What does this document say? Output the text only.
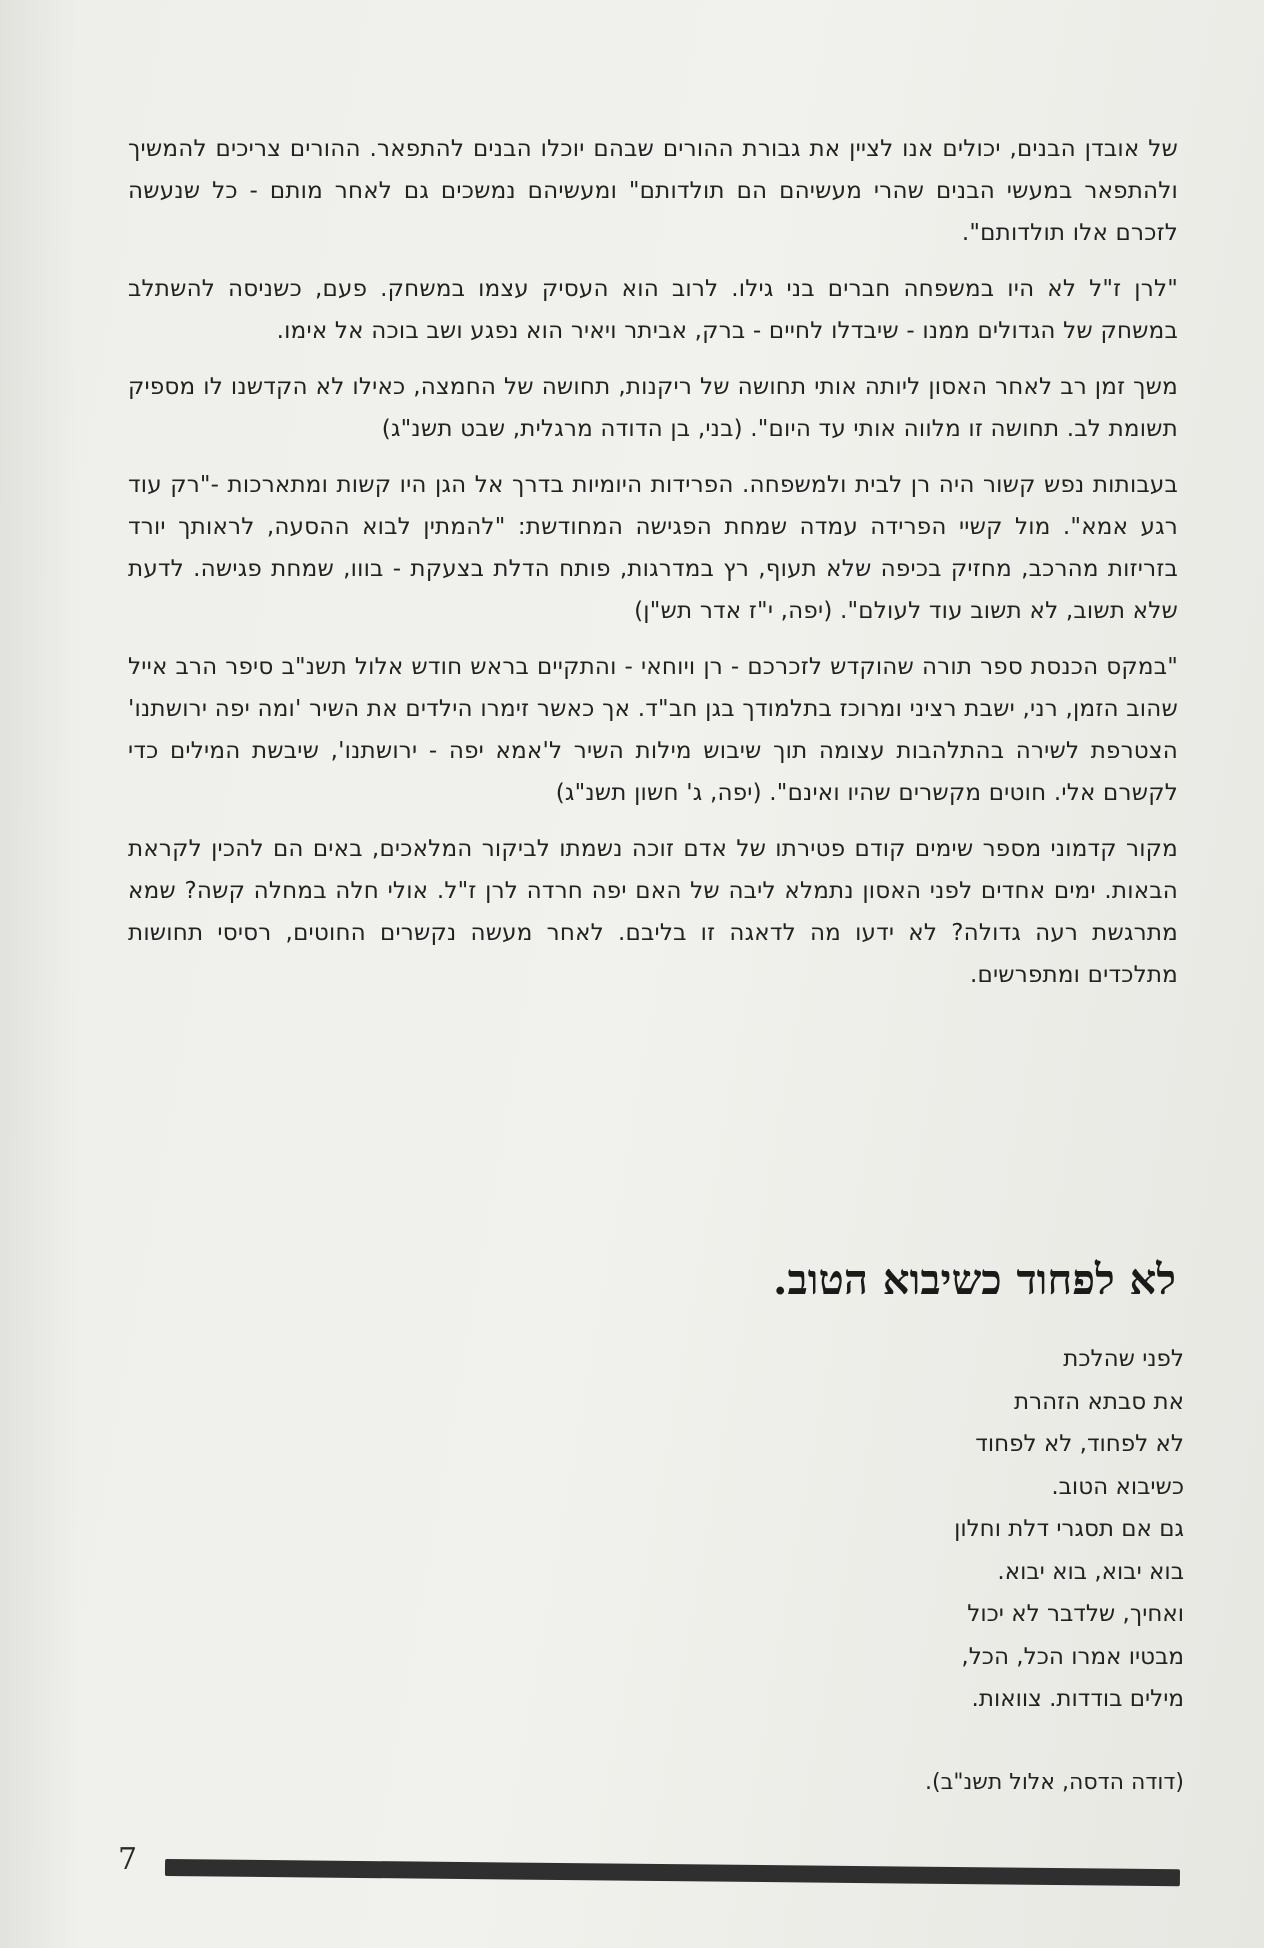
של אובדן הבנים, יכולים אנו לציין את גבורת ההורים שבהם יוכלו הבנים להתפאר. ההורים צריכים להמשיך ולהתפאר במעשי הבנים שהרי מעשיהם הם תולדותם" ומעשיהם נמשכים גם לאחר מותם - כל שנעשה לזכרם אלו תולדותם".

"לרן ז"ל לא היו במשפחה חברים בני גילו. לרוב הוא העסיק עצמו במשחק. פעם, כשניסה להשתלב במשחק של הגדולים ממנו - שיבדלו לחיים - ברק, אביתר ויאיר הוא נפגע ושב בוכה אל אימו.

משך זמן רב לאחר האסון ליותה אותי תחושה של ריקנות, תחושה של החמצה, כאילו לא הקדשנו לו מספיק תשומת לב. תחושה זו מלווה אותי עד היום". (בני, בן הדודה מרגלית, שבט תשנ"ג)

בעבותות נפש קשור היה רן לבית ולמשפחה. הפרידות היומיות בדרך אל הגן היו קשות ומתארכות -"רק עוד רגע אמא". מול קשיי הפרידה עמדה שמחת הפגישה המחודשת: "להמתין לבוא ההסעה, לראותך יורד בזריזות מהרכב, מחזיק בכיפה שלא תעוף, רץ במדרגות, פותח הדלת בצעקת - בווו, שמחת פגישה. לדעת שלא תשוב, לא תשוב עוד לעולם". (יפה, י"ז אדר תש"ן)

"במקס הכנסת ספר תורה שהוקדש לזכרכם - רן ויוחאי - והתקיים בראש חודש אלול תשנ"ב סיפר הרב אייל שהוב הזמן, רני, ישבת רציני ומרוכז בתלמודך בגן חב"ד. אך כאשר זימרו הילדים את השיר 'ומה יפה ירושתנו' הצטרפת לשירה בהתלהבות עצומה תוך שיבוש מילות השיר ל'אמא יפה - ירושתנו', שיבשת המילים כדי לקשרם אלי. חוטים מקשרים שהיו ואינם". (יפה, ג' חשון תשנ"ג)

מקור קדמוני מספר שימים קודם פטירתו של אדם זוכה נשמתו לביקור המלאכים, באים הם להכין לקראת הבאות. ימים אחדים לפני האסון נתמלא ליבה של האם יפה חרדה לרן ז"ל. אולי חלה במחלה קשה? שמא מתרגשת רעה גדולה? לא ידעו מה לדאגה זו בליבם. לאחר מעשה נקשרים החוטים, רסיסי תחושות מתלכדים ומתפרשים.

לא לפחוד כשיבוא הטוב.
לפני שהלכת
את סבתא הזהרת
לא לפחוד, לא לפחוד
כשיבוא הטוב.
גם אם תסגרי דלת וחלון
בוא יבוא, בוא יבוא.
ואחיך, שלדבר לא יכול
מבטיו אמרו הכל, הכל,
מילים בודדות. צוואות.
(דודה הדסה, אלול תשנ"ב).
7
